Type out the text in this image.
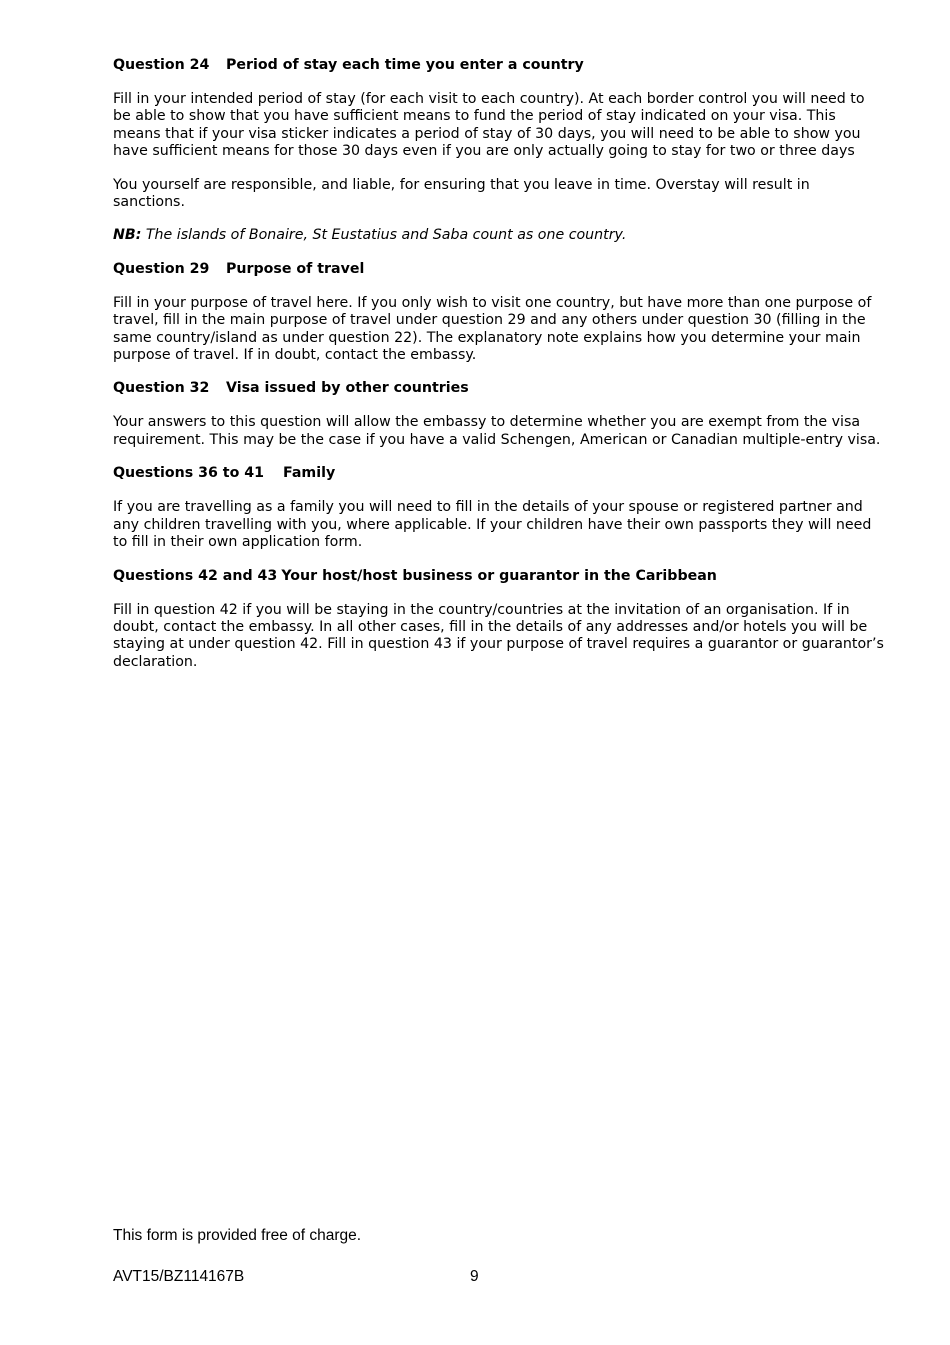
Question 24 Period of stay each time you enter a country

Fill in your intended period of stay (for each visit to each country). At each border control you will need to be able to show that you have sufficient means to fund the period of stay indicated on your visa. This means that if your visa sticker indicates a period of stay of 30 days, you will need to be able to show you have sufficient means for those 30 days even if you are only actually going to stay for two or three days

You yourself are responsible, and liable, for ensuring that you leave in time. Overstay will result in sanctions.

NB: The islands of Bonaire, St Eustatius and Saba count as one country.

Question 29 Purpose of travel

Fill in your purpose of travel here. If you only wish to visit one country, but have more than one purpose of travel, fill in the main purpose of travel under question 29 and any others under question 30 (filling in the same country/island as under question 22). The explanatory note explains how you determine your main purpose of travel. If in doubt, contact the embassy.

Question 32 Visa issued by other countries

Your answers to this question will allow the embassy to determine whether you are exempt from the visa requirement. This may be the case if you have a valid Schengen, American or Canadian multiple-entry visa.

Questions 36 to 41 Family

If you are travelling as a family you will need to fill in the details of your spouse or registered partner and any children travelling with you, where applicable. If your children have their own passports they will need to fill in their own application form.

Questions 42 and 43 Your host/host business or guarantor in the Caribbean

Fill in question 42 if you will be staying in the country/countries at the invitation of an organisation. If in doubt, contact the embassy. In all other cases, fill in the details of any addresses and/or hotels you will be staying at under question 42. Fill in question 43 if your purpose of travel requires a guarantor or guarantor’s declaration.

This form is provided free of charge.
AVT15/BZ114167B	9
